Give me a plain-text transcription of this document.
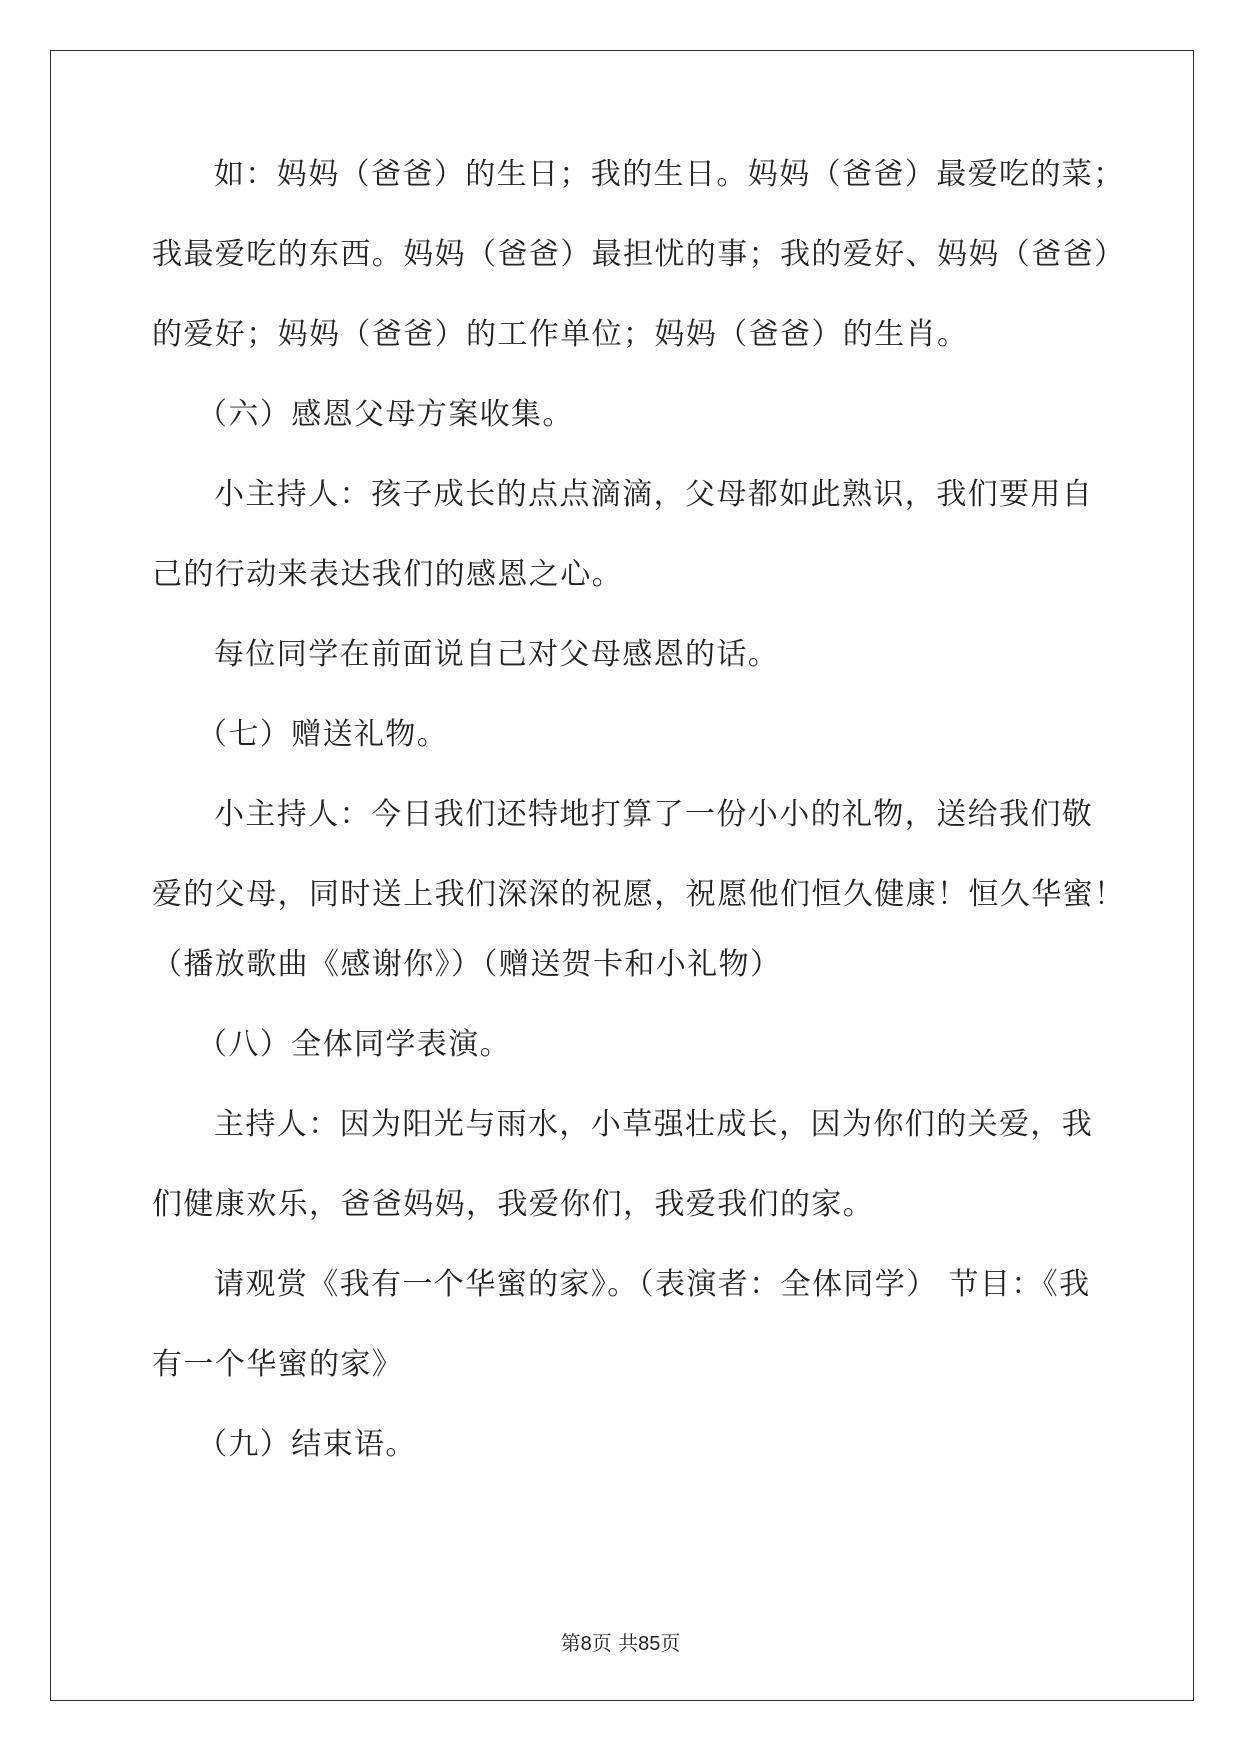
如：妈妈（爸爸）的生日；我的生日。妈妈（爸爸）最爱吃的菜；
我最爱吃的东西。妈妈（爸爸）最担忧的事；我的爱好、妈妈（爸爸）
的爱好；妈妈（爸爸）的工作单位；妈妈（爸爸）的生肖。
（六）感恩父母方案收集。
小主持人：孩子成长的点点滴滴，父母都如此熟识，我们要用自
己的行动来表达我们的感恩之心。
每位同学在前面说自己对父母感恩的话。
（七）赠送礼物。
小主持人：今日我们还特地打算了一份小小的礼物，送给我们敬
爱的父母，同时送上我们深深的祝愿，祝愿他们恒久健康！恒久华蜜！
（播放歌曲《感谢你》）（赠送贺卡和小礼物）
（八）全体同学表演。
主持人：因为阳光与雨水，小草强壮成长，因为你们的关爱，我
们健康欢乐，爸爸妈妈，我爱你们，我爱我们的家。
请观赏《我有一个华蜜的家》。（表演者：全体同学） 节目：《我
有一个华蜜的家》
（九）结束语。
第8页 共85页
